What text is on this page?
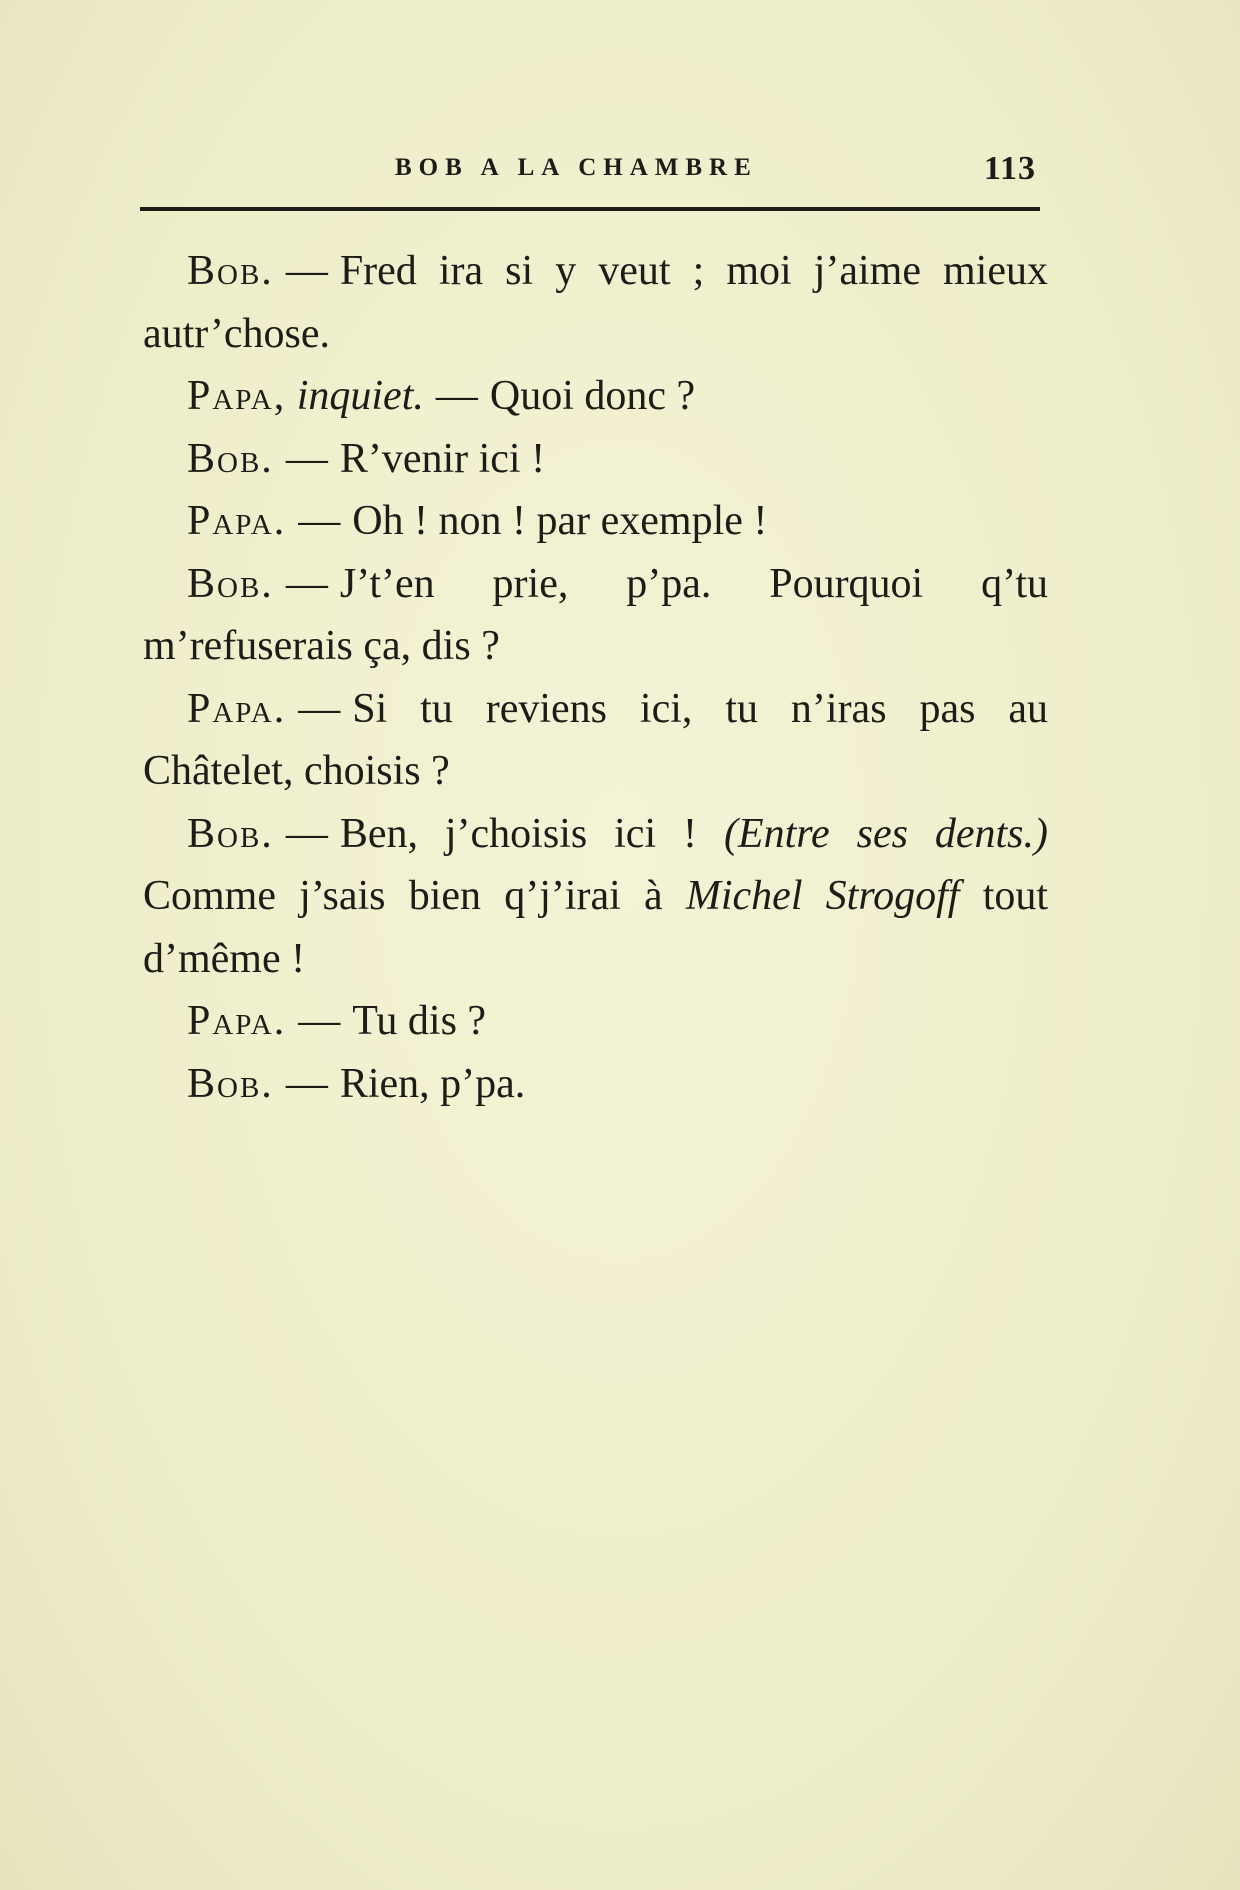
BOB A LA CHAMBRE	113

Bob. — Fred ira si y veut ; moi j’aime mieux autr’chose.

Papa, inquiet. — Quoi donc ?

Bob. — R’venir ici !

Papa. — Oh ! non ! par exemple !

Bob. — J’t’en prie, p’pa. Pourquoi q’tu m’refuserais ça, dis ?

Papa. — Si tu reviens ici, tu n’iras pas au Châtelet, choisis ?

Bob. — Ben, j’choisis ici ! (Entre ses dents.) Comme j’sais bien q’j’irai à Michel Strogoff tout d’même !

Papa. — Tu dis ?

Bob. — Rien, p’pa.
